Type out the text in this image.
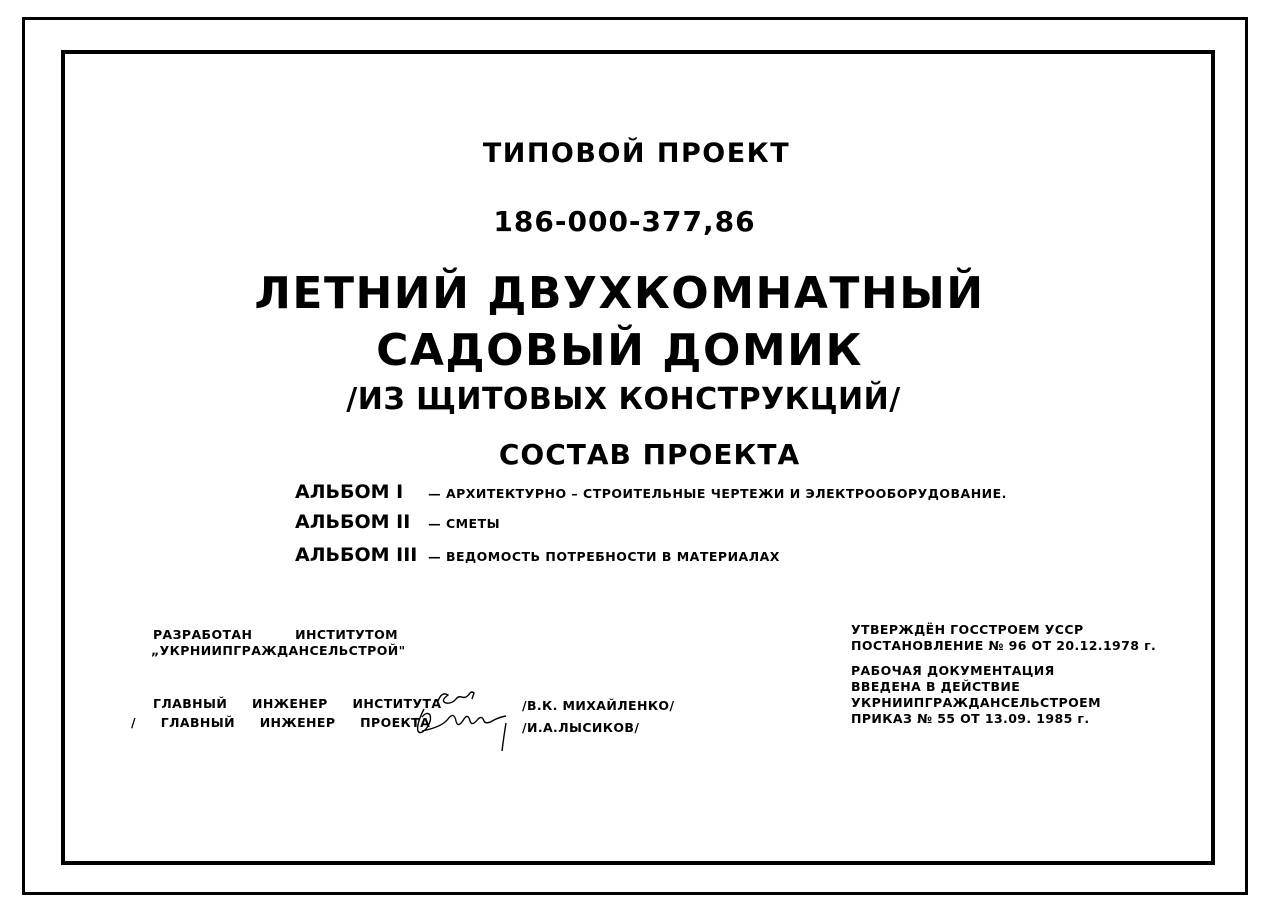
ТИПОВОЙ ПРОЕКТ
186-000-377,86
ЛЕТНИЙ ДВУХКОМНАТНЫЙ
САДОВЫЙ ДОМИК
/ИЗ ЩИТОВЫХ КОНСТРУКЦИЙ/
СОСТАВ ПРОЕКТА
АЛЬБОМ I — АРХИТЕКТУРНО – СТРОИТЕЛЬНЫЕ ЧЕРТЕЖИ И ЭЛЕКТРООБОРУДОВАНИЕ.
АЛЬБОМ II — СМЕТЫ
АЛЬБОМ III — ВЕДОМОСТЬ ПОТРЕБНОСТИ В МАТЕРИАЛАХ
РАЗРАБОТАН ИНСТИТУТОМ
„УКРНИИПГРАЖДАНСЕЛЬСТРОЙ"
ГЛАВНЫЙ ИНЖЕНЕР ИНСТИТУТА
/ ГЛАВНЫЙ ИНЖЕНЕР ПРОЕКТА
/В.К. МИХАЙЛЕНКО/
/И.А.ЛЫСИКОВ/
УТВЕРЖДЁН ГОССТРОЕМ УССР
ПОСТАНОВЛЕНИЕ № 96 ОТ 20.12.1978 г.
РАБОЧАЯ ДОКУМЕНТАЦИЯ
ВВЕДЕНА В ДЕЙСТВИЕ
УКРНИИПГРАЖДАНСЕЛЬСТРОЕМ
ПРИКАЗ № 55 ОТ 13.09. 1985 г.
